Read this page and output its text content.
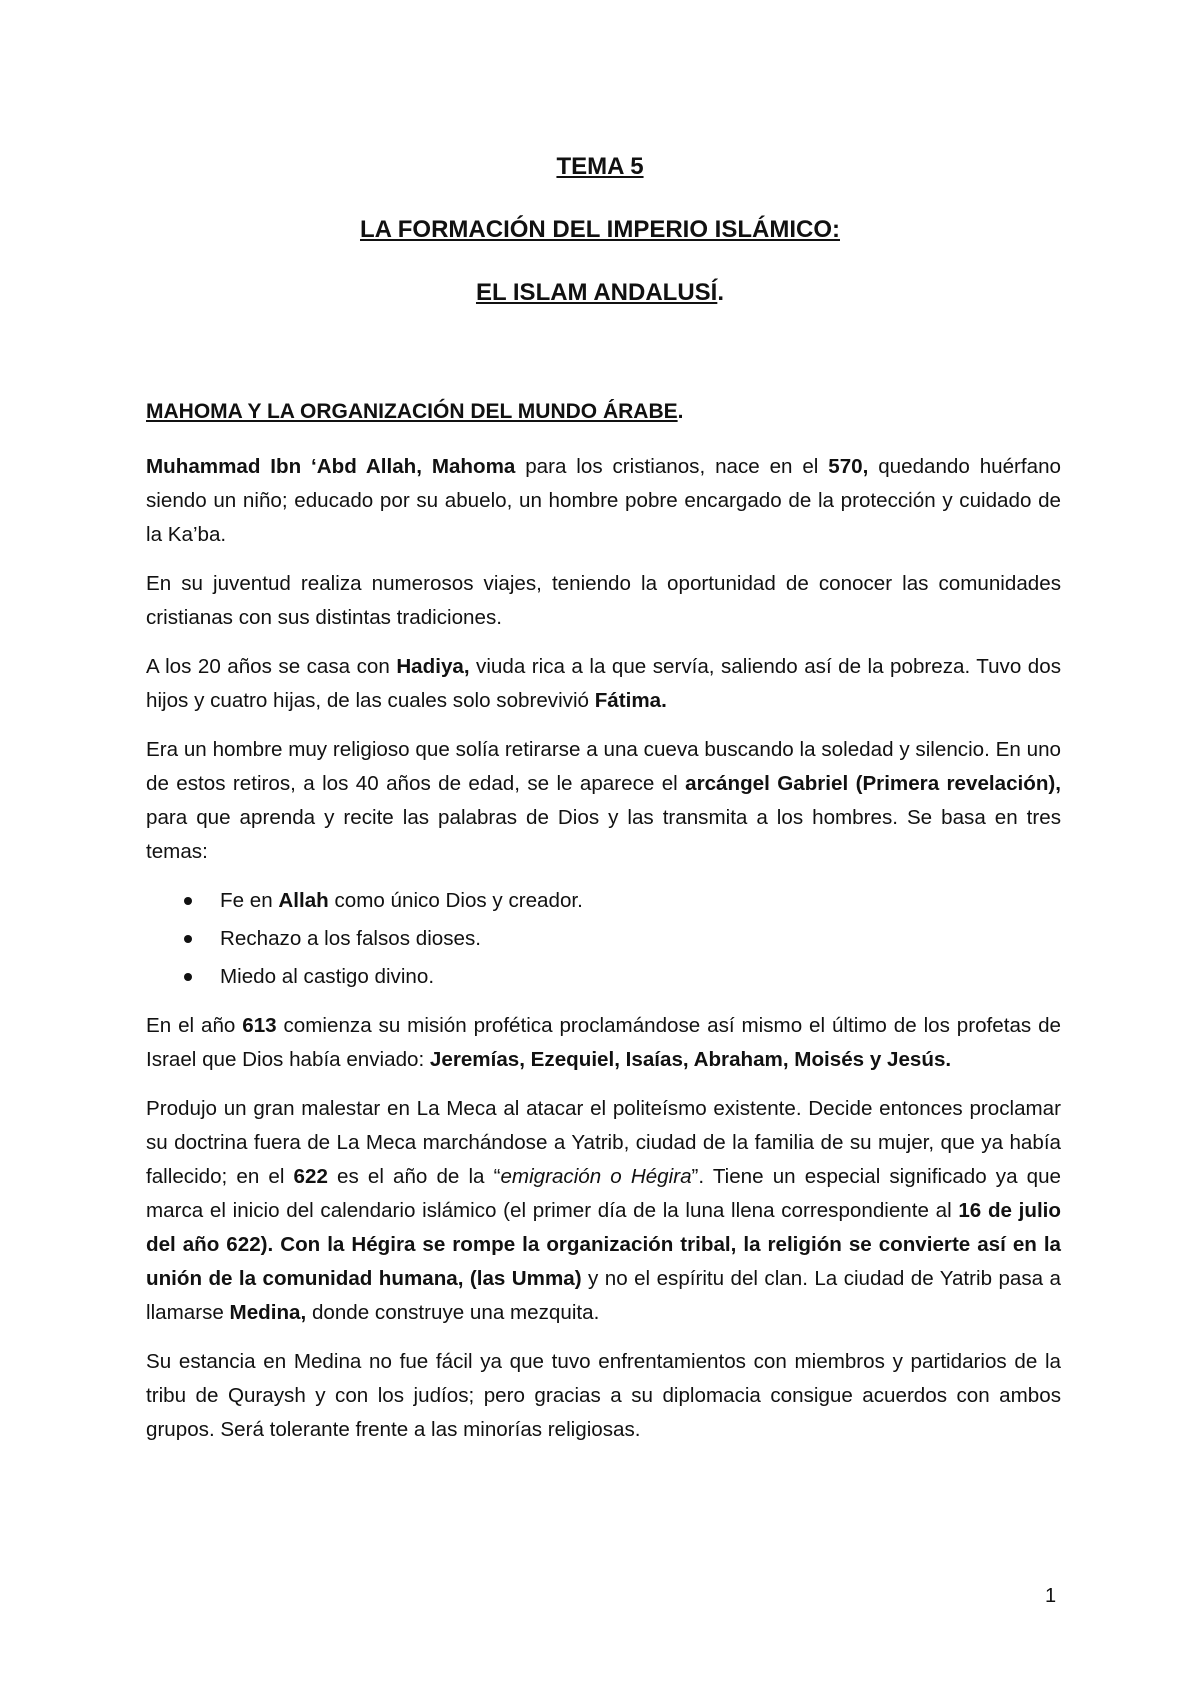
TEMA 5
LA FORMACIÓN DEL IMPERIO ISLÁMICO:
EL ISLAM ANDALUSÍ.
MAHOMA Y LA ORGANIZACIÓN DEL MUNDO ÁRABE.

Muhammad Ibn ‘Abd Allah, Mahoma para los cristianos, nace en el 570, quedando huérfano siendo un niño; educado por su abuelo, un hombre pobre encargado de la protección y cuidado de la Ka’ba.

En su juventud realiza numerosos viajes, teniendo la oportunidad de conocer las comunidades cristianas con sus distintas tradiciones.

A los 20 años se casa con Hadiya, viuda rica a la que servía, saliendo así de la pobreza. Tuvo dos hijos y cuatro hijas, de las cuales solo sobrevivió Fátima.

Era un hombre muy religioso que solía retirarse a una cueva buscando la soledad y silencio. En uno de estos retiros, a los 40 años de edad, se le aparece el arcángel Gabriel (Primera revelación), para que aprenda y recite las palabras de Dios y las transmita a los hombres. Se basa en tres temas:

Fe en Allah como único Dios y creador.
Rechazo a los falsos dioses.
Miedo al castigo divino.

En el año 613 comienza su misión profética proclamándose así mismo el último de los profetas de Israel que Dios había enviado: Jeremías, Ezequiel, Isaías, Abraham, Moisés y Jesús.

Produjo un gran malestar en La Meca al atacar el politeísmo existente. Decide entonces proclamar su doctrina fuera de La Meca marchándose a Yatrib, ciudad de la familia de su mujer, que ya había fallecido; en el 622 es el año de la “emigración o Hégira”. Tiene un especial significado ya que marca el inicio del calendario islámico (el primer día de la luna llena correspondiente al 16 de julio del año 622). Con la Hégira se rompe la organización tribal, la religión se convierte así en la unión de la comunidad humana, (las Umma) y no el espíritu del clan. La ciudad de Yatrib pasa a llamarse Medina, donde construye una mezquita.

Su estancia en Medina no fue fácil ya que tuvo enfrentamientos con miembros y partidarios de la tribu de Quraysh y con los judíos; pero gracias a su diplomacia consigue acuerdos con ambos grupos. Será tolerante frente a las minorías religiosas.

1
